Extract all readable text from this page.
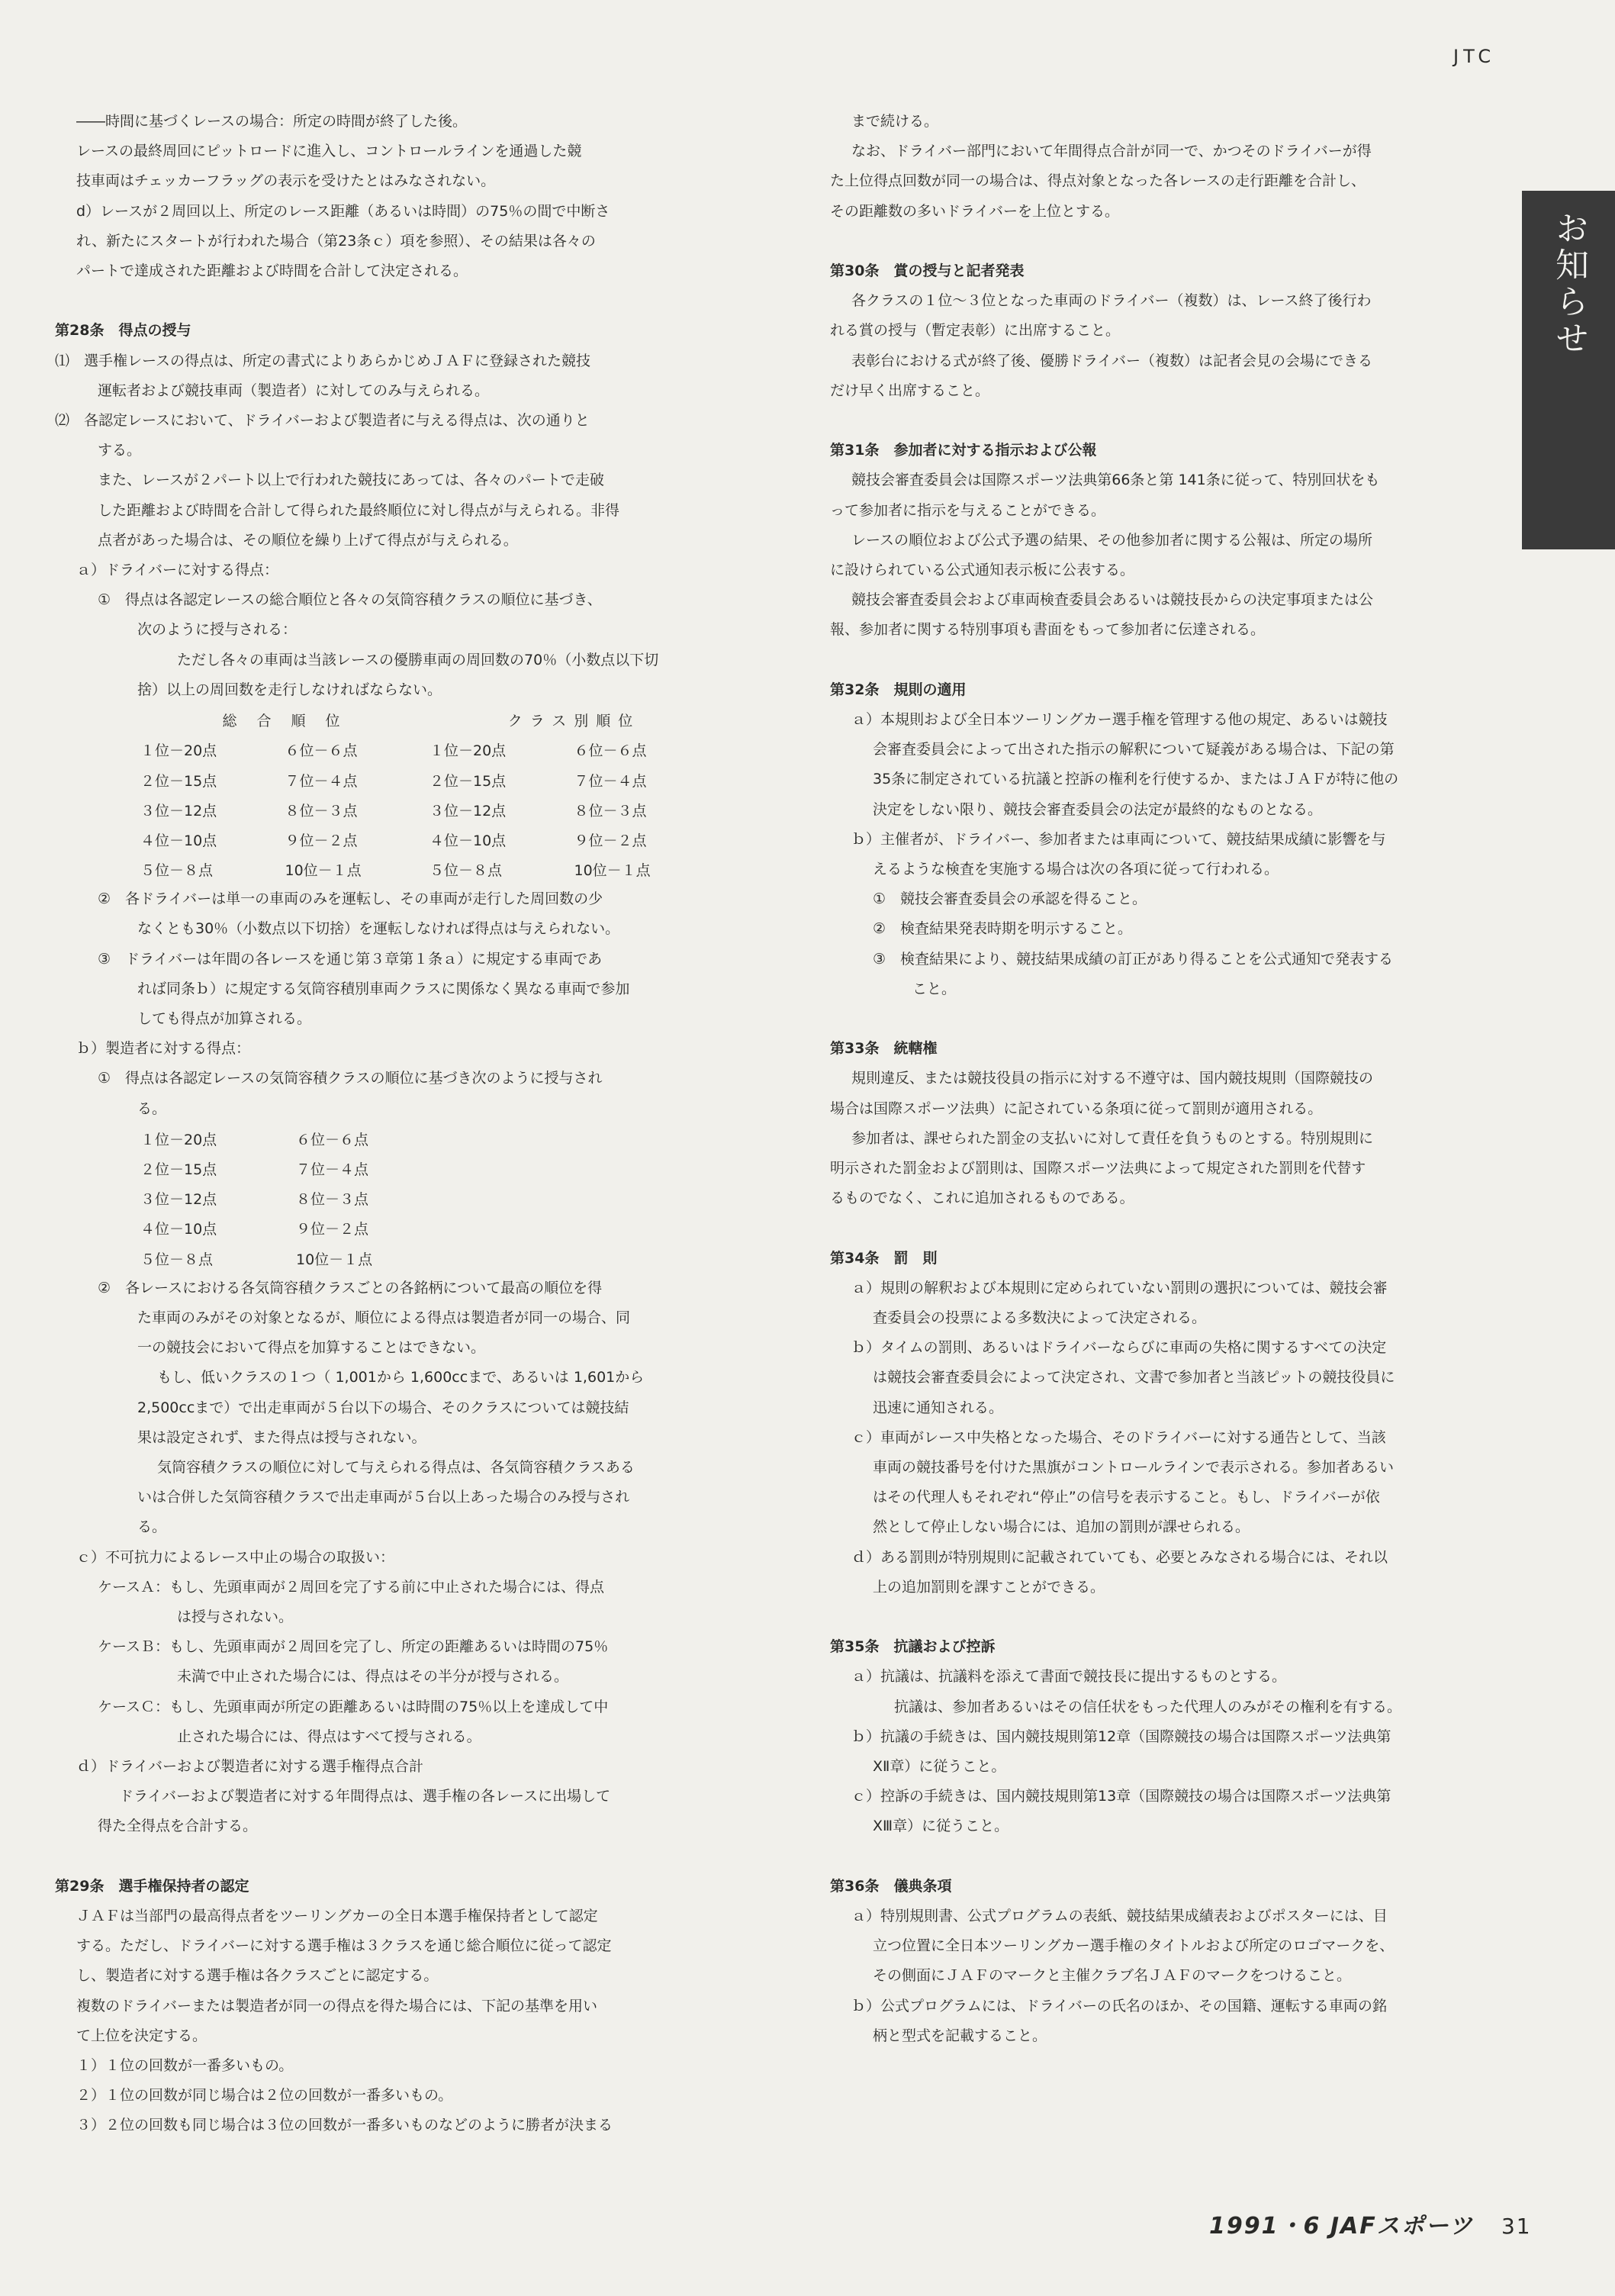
JTC
お知らせ

――時間に基づくレースの場合：所定の時間が終了した後。

レースの最終周回にピットロードに進入し、コントロールラインを通過した競

技車両はチェッカーフラッグの表示を受けたとはみなされない。

d）レースが２周回以上、所定のレース距離（あるいは時間）の75％の間で中断さ

れ、新たにスタートが行われた場合（第23条ｃ）項を参照）、その結果は各々の

パートで達成された距離および時間を合計して決定される。

第28条　得点の授与

⑴　選手権レースの得点は、所定の書式によりあらかじめＪＡＦに登録された競技

運転者および競技車両（製造者）に対してのみ与えられる。

⑵　各認定レースにおいて、ドライバーおよび製造者に与える得点は、次の通りと

する。

また、レースが２パート以上で行われた競技にあっては、各々のパートで走破

した距離および時間を合計して得られた最終順位に対し得点が与えられる。非得

点者があった場合は、その順位を繰り上げて得点が与えられる。

ａ）ドライバーに対する得点：

①　得点は各認定レースの総合順位と各々の気筒容積クラスの順位に基づき、

次のように授与される：

ただし各々の車両は当該レースの優勝車両の周回数の70％（小数点以下切

捨）以上の周回数を走行しなければならない。

総 合 順 位		クラス別順位	
１位－20点	６位－６点	１位－20点	６位－６点
２位－15点	７位－４点	２位－15点	７位－４点
３位－12点	８位－３点	３位－12点	８位－３点
４位－10点	９位－２点	４位－10点	９位－２点
５位－８点	10位－１点	５位－８点	10位－１点

②　各ドライバーは単一の車両のみを運転し、その車両が走行した周回数の少

なくとも30％（小数点以下切捨）を運転しなければ得点は与えられない。

③　ドライバーは年間の各レースを通じ第３章第１条ａ）に規定する車両であ

れば同条ｂ）に規定する気筒容積別車両クラスに関係なく異なる車両で参加

しても得点が加算される。

ｂ）製造者に対する得点：

①　得点は各認定レースの気筒容積クラスの順位に基づき次のように授与され

る。

１位－20点	６位－６点
２位－15点	７位－４点
３位－12点	８位－３点
４位－10点	９位－２点
５位－８点	10位－１点

②　各レースにおける各気筒容積クラスごとの各銘柄について最高の順位を得

た車両のみがその対象となるが、順位による得点は製造者が同一の場合、同

一の競技会において得点を加算することはできない。

もし、低いクラスの１つ（ 1,001から 1,600ccまで、あるいは 1,601から

2,500ccまで）で出走車両が５台以下の場合、そのクラスについては競技結

果は設定されず、また得点は授与されない。

気筒容積クラスの順位に対して与えられる得点は、各気筒容積クラスある

いは合併した気筒容積クラスで出走車両が５台以上あった場合のみ授与され

る。

ｃ）不可抗力によるレース中止の場合の取扱い：

ケースＡ：もし、先頭車両が２周回を完了する前に中止された場合には、得点

は授与されない。

ケースＢ：もし、先頭車両が２周回を完了し、所定の距離あるいは時間の75％

未満で中止された場合には、得点はその半分が授与される。

ケースＣ：もし、先頭車両が所定の距離あるいは時間の75％以上を達成して中

止された場合には、得点はすべて授与される。

ｄ）ドライバーおよび製造者に対する選手権得点合計

ドライバーおよび製造者に対する年間得点は、選手権の各レースに出場して

得た全得点を合計する。

第29条　選手権保持者の認定

ＪＡＦは当部門の最高得点者をツーリングカーの全日本選手権保持者として認定

する。ただし、ドライバーに対する選手権は３クラスを通じ総合順位に従って認定

し、製造者に対する選手権は各クラスごとに認定する。

複数のドライバーまたは製造者が同一の得点を得た場合には、下記の基準を用い

て上位を決定する。

１）１位の回数が一番多いもの。

２）１位の回数が同じ場合は２位の回数が一番多いもの。

３）２位の回数も同じ場合は３位の回数が一番多いものなどのように勝者が決まる

まで続ける。

なお、ドライバー部門において年間得点合計が同一で、かつそのドライバーが得

た上位得点回数が同一の場合は、得点対象となった各レースの走行距離を合計し、

その距離数の多いドライバーを上位とする。

第30条　賞の授与と記者発表

各クラスの１位～３位となった車両のドライバー（複数）は、レース終了後行わ

れる賞の授与（暫定表彰）に出席すること。

表彰台における式が終了後、優勝ドライバー（複数）は記者会見の会場にできる

だけ早く出席すること。

第31条　参加者に対する指示および公報

競技会審査委員会は国際スポーツ法典第66条と第 141条に従って、特別回状をも

って参加者に指示を与えることができる。

レースの順位および公式予選の結果、その他参加者に関する公報は、所定の場所

に設けられている公式通知表示板に公表する。

競技会審査委員会および車両検査委員会あるいは競技長からの決定事項または公

報、参加者に関する特別事項も書面をもって参加者に伝達される。

第32条　規則の適用

ａ）本規則および全日本ツーリングカー選手権を管理する他の規定、あるいは競技

会審査委員会によって出された指示の解釈について疑義がある場合は、下記の第

35条に制定されている抗議と控訴の権利を行使するか、またはＪＡＦが特に他の

決定をしない限り、競技会審査委員会の法定が最終的なものとなる。

ｂ）主催者が、ドライバー、参加者または車両について、競技結果成績に影響を与

えるような検査を実施する場合は次の各項に従って行われる。

①　競技会審査委員会の承認を得ること。

②　検査結果発表時期を明示すること。

③　検査結果により、競技結果成績の訂正があり得ることを公式通知で発表する

こと。

第33条　統轄権

規則違反、または競技役員の指示に対する不遵守は、国内競技規則（国際競技の

場合は国際スポーツ法典）に記されている条項に従って罰則が適用される。

参加者は、課せられた罰金の支払いに対して責任を負うものとする。特別規則に

明示された罰金および罰則は、国際スポーツ法典によって規定された罰則を代替す

るものでなく、これに追加されるものである。

第34条　罰　則

ａ）規則の解釈および本規則に定められていない罰則の選択については、競技会審

査委員会の投票による多数決によって決定される。

ｂ）タイムの罰則、あるいはドライバーならびに車両の失格に関するすべての決定

は競技会審査委員会によって決定され、文書で参加者と当該ピットの競技役員に

迅速に通知される。

ｃ）車両がレース中失格となった場合、そのドライバーに対する通告として、当該

車両の競技番号を付けた黒旗がコントロールラインで表示される。参加者あるい

はその代理人もそれぞれ“停止”の信号を表示すること。もし、ドライバーが依

然として停止しない場合には、追加の罰則が課せられる。

ｄ）ある罰則が特別規則に記載されていても、必要とみなされる場合には、それ以

上の追加罰則を課すことができる。

第35条　抗議および控訴

ａ）抗議は、抗議料を添えて書面で競技長に提出するものとする。

抗議は、参加者あるいはその信任状をもった代理人のみがその権利を有する。

ｂ）抗議の手続きは、国内競技規則第12章（国際競技の場合は国際スポーツ法典第

XⅡ章）に従うこと。

ｃ）控訴の手続きは、国内競技規則第13章（国際競技の場合は国際スポーツ法典第

XⅢ章）に従うこと。

第36条　儀典条項

ａ）特別規則書、公式プログラムの表紙、競技結果成績表およびポスターには、目

立つ位置に全日本ツーリングカー選手権のタイトルおよび所定のロゴマークを、

その側面にＪＡＦのマークと主催クラブ名ＪＡＦのマークをつけること。

ｂ）公式プログラムには、ドライバーの氏名のほか、その国籍、運転する車両の銘

柄と型式を記載すること。

1991・6 JAFスポーツ 31
